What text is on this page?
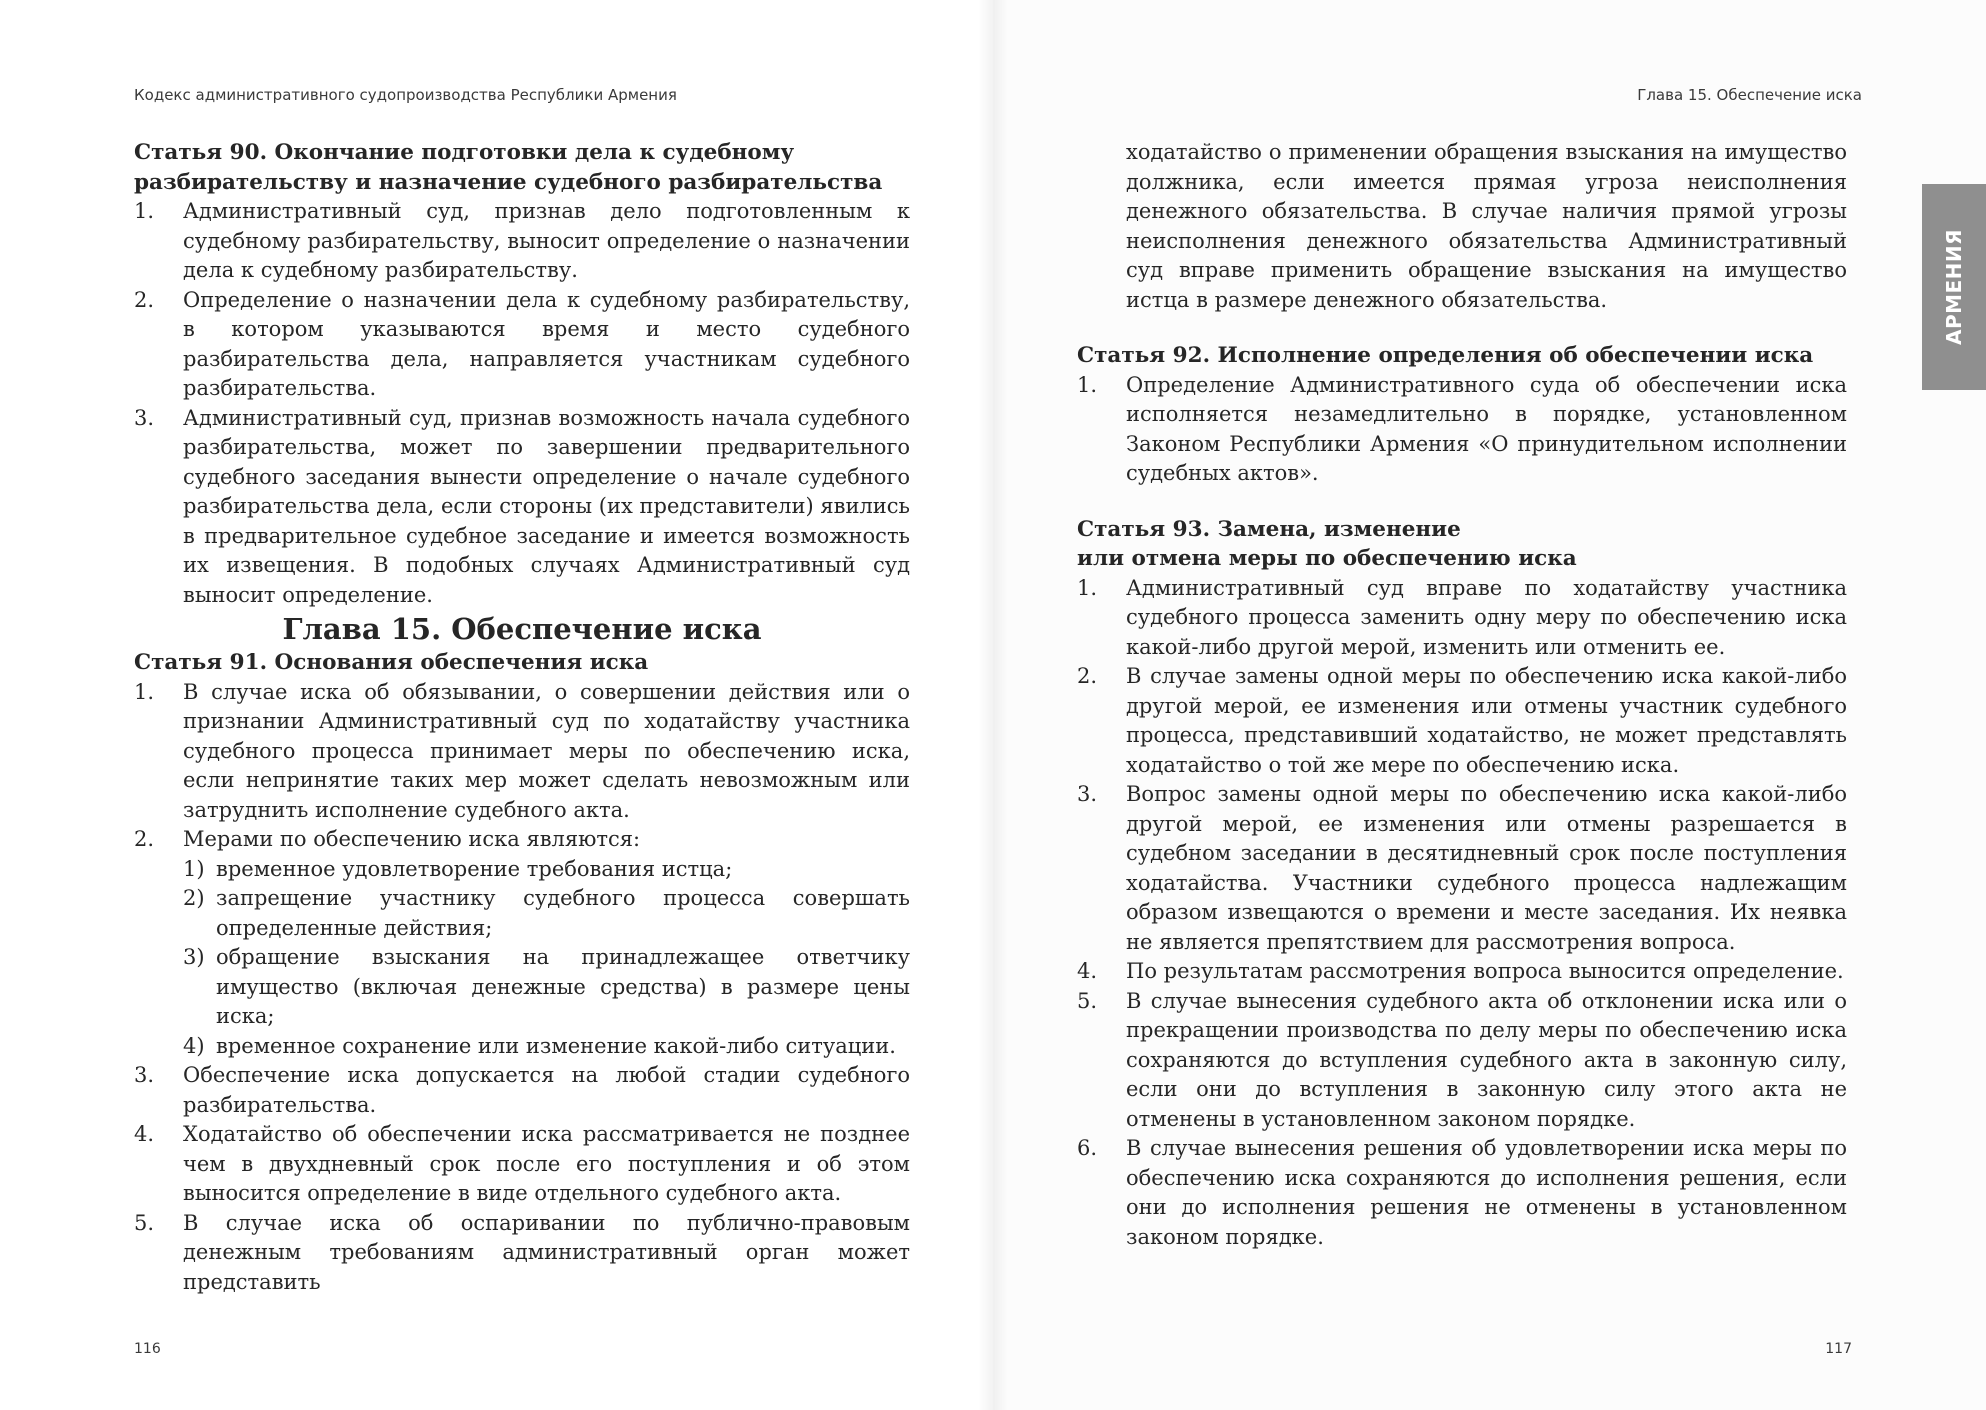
Кодекс административного судопроизводства Республики Армения

Статья 90. Окончание подготовки дела к судебному

разбирательству и назначение судебного разбирательства

1. Административный суд, признав дело подготовленным к судебному разбирательству, выносит определение о назначении дела к судебному разбирательству.
2. Определение о назначении дела к судебному разбирательству, в котором указываются время и место судебного разбирательства дела, направляется участникам судебного разбирательства.
3. Административный суд, признав возможность начала судебного разбирательства, может по завершении предварительного судебного заседания вынести определение о начале судебного разбирательства дела, если стороны (их представители) явились в предварительное судебное заседание и имеется возможность их извещения. В подобных случаях Административный суд выносит определение.

Глава 15. Обеспечение иска

Статья 91. Основания обеспечения иска

1. В случае иска об обязывании, о совершении действия или о признании Административный суд по ходатайству участника судебного процесса принимает меры по обеспечению иска, если непринятие таких мер может сделать невозможным или затруднить исполнение судебного акта.
2. Мерами по обеспечению иска являются:
1) временное удовлетворение требования истца;
2) запрещение участнику судебного процесса совершать определенные действия;
3) обращение взыскания на принадлежащее ответчику имущество (включая денежные средства) в размере цены иска;
4) временное сохранение или изменение какой-либо ситуации.
3. Обеспечение иска допускается на любой стадии судебного разбирательства.
4. Ходатайство об обеспечении иска рассматривается не позднее чем в двухдневный срок после его поступления и об этом выносится определение в виде отдельного судебного акта.
5. В случае иска об оспаривании по публично-правовым денежным требованиям административный орган может представить
116
Глава 15. Обеспечение иска

ходатайство о применении обращения взыскания на имущество должника, если имеется прямая угроза неисполнения денежного обязательства. В случае наличия прямой угрозы неисполнения денежного обязательства Административный суд вправе применить обращение взыскания на имущество истца в размере денежного обязательства.

Статья 92. Исполнение определения об обеспечении иска

1. Определение Административного суда об обеспечении иска исполняется незамедлительно в порядке, установленном Законом Республики Армения «О принудительном исполнении судебных актов».

Статья 93. Замена, изменение

или отмена меры по обеспечению иска

1. Административный суд вправе по ходатайству участника судебного процесса заменить одну меру по обеспечению иска какой-либо другой мерой, изменить или отменить ее.
2. В случае замены одной меры по обеспечению иска какой-либо другой мерой, ее изменения или отмены участник судебного процесса, представивший ходатайство, не может представлять ходатайство о той же мере по обеспечению иска.
3. Вопрос замены одной меры по обеспечению иска какой-либо другой мерой, ее изменения или отмены разрешается в судебном заседании в десятидневный срок после поступления ходатайства. Участники судебного процесса надлежащим образом извещаются о времени и месте заседания. Их неявка не является препятствием для рассмотрения вопроса.
4. По результатам рассмотрения вопроса выносится определение.
5. В случае вынесения судебного акта об отклонении иска или о прекращении производства по делу меры по обеспечению иска сохраняются до вступления судебного акта в законную силу, если они до вступления в законную силу этого акта не отменены в установленном законом порядке.
6. В случае вынесения решения об удовлетворении иска меры по обеспечению иска сохраняются до исполнения решения, если они до исполнения решения не отменены в установленном законом порядке.
АРМЕНИЯ
117
